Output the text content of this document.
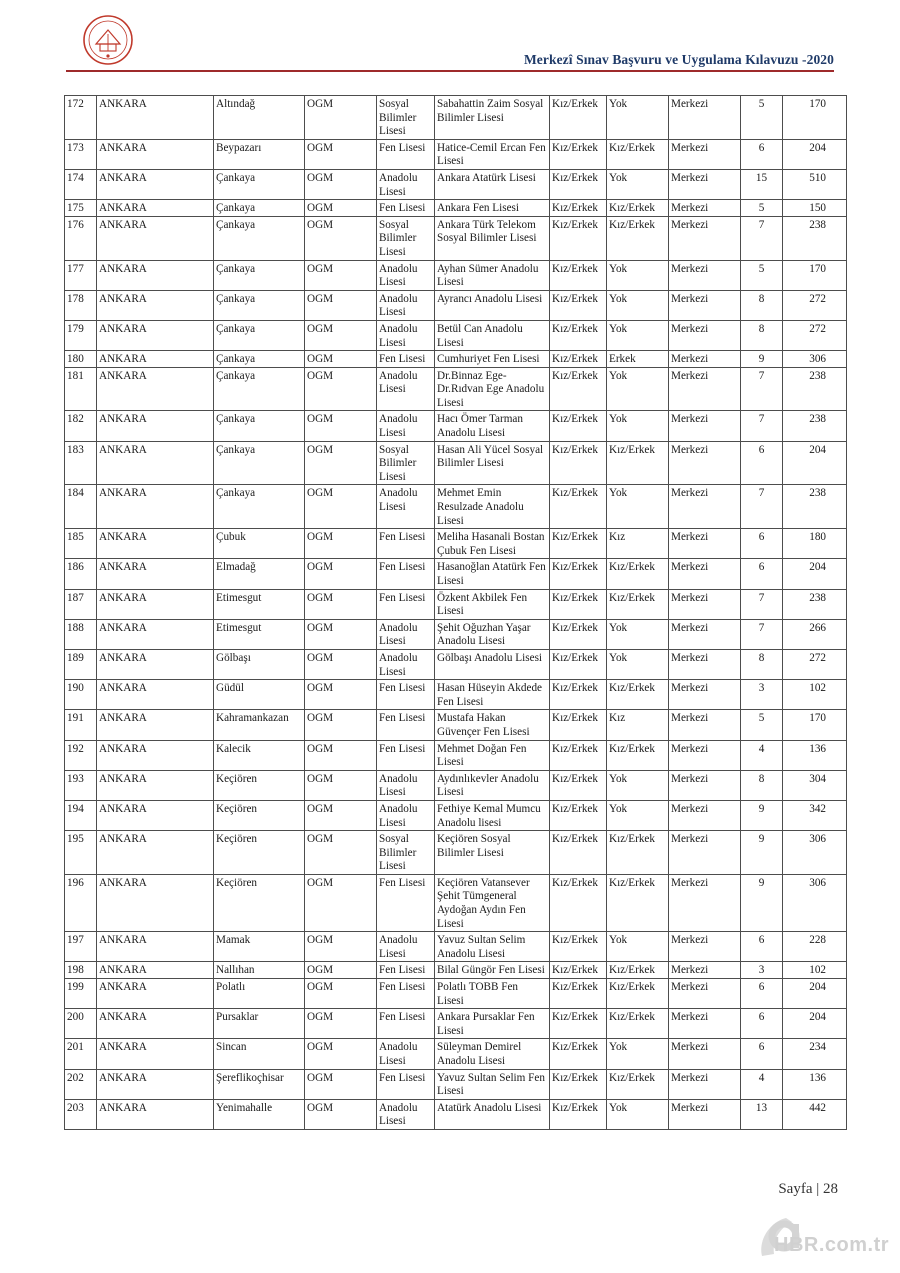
Merkezî Sınav Başvuru ve Uygulama Kılavuzu -2020
172	ANKARA	Altındağ	OGM	Sosyal Bilimler Lisesi	Sabahattin Zaim Sosyal Bilimler Lisesi	Kız/Erkek	Yok	Merkezi	5	170
173	ANKARA	Beypazarı	OGM	Fen Lisesi	Hatice-Cemil Ercan Fen Lisesi	Kız/Erkek	Kız/Erkek	Merkezi	6	204
174	ANKARA	Çankaya	OGM	Anadolu Lisesi	Ankara Atatürk Lisesi	Kız/Erkek	Yok	Merkezi	15	510
175	ANKARA	Çankaya	OGM	Fen Lisesi	Ankara Fen Lisesi	Kız/Erkek	Kız/Erkek	Merkezi	5	150
176	ANKARA	Çankaya	OGM	Sosyal Bilimler Lisesi	Ankara Türk Telekom Sosyal Bilimler Lisesi	Kız/Erkek	Kız/Erkek	Merkezi	7	238
177	ANKARA	Çankaya	OGM	Anadolu Lisesi	Ayhan Sümer Anadolu Lisesi	Kız/Erkek	Yok	Merkezi	5	170
178	ANKARA	Çankaya	OGM	Anadolu Lisesi	Ayrancı Anadolu Lisesi	Kız/Erkek	Yok	Merkezi	8	272
179	ANKARA	Çankaya	OGM	Anadolu Lisesi	Betül Can Anadolu Lisesi	Kız/Erkek	Yok	Merkezi	8	272
180	ANKARA	Çankaya	OGM	Fen Lisesi	Cumhuriyet Fen Lisesi	Kız/Erkek	Erkek	Merkezi	9	306
181	ANKARA	Çankaya	OGM	Anadolu Lisesi	Dr.Binnaz Ege-Dr.Rıdvan Ege Anadolu Lisesi	Kız/Erkek	Yok	Merkezi	7	238
182	ANKARA	Çankaya	OGM	Anadolu Lisesi	Hacı Ömer Tarman Anadolu Lisesi	Kız/Erkek	Yok	Merkezi	7	238
183	ANKARA	Çankaya	OGM	Sosyal Bilimler Lisesi	Hasan Ali Yücel Sosyal Bilimler Lisesi	Kız/Erkek	Kız/Erkek	Merkezi	6	204
184	ANKARA	Çankaya	OGM	Anadolu Lisesi	Mehmet Emin Resulzade Anadolu Lisesi	Kız/Erkek	Yok	Merkezi	7	238
185	ANKARA	Çubuk	OGM	Fen Lisesi	Meliha Hasanali Bostan Çubuk Fen Lisesi	Kız/Erkek	Kız	Merkezi	6	180
186	ANKARA	Elmadağ	OGM	Fen Lisesi	Hasanoğlan Atatürk Fen Lisesi	Kız/Erkek	Kız/Erkek	Merkezi	6	204
187	ANKARA	Etimesgut	OGM	Fen Lisesi	Özkent Akbilek Fen Lisesi	Kız/Erkek	Kız/Erkek	Merkezi	7	238
188	ANKARA	Etimesgut	OGM	Anadolu Lisesi	Şehit Oğuzhan Yaşar Anadolu Lisesi	Kız/Erkek	Yok	Merkezi	7	266
189	ANKARA	Gölbaşı	OGM	Anadolu Lisesi	Gölbaşı Anadolu Lisesi	Kız/Erkek	Yok	Merkezi	8	272
190	ANKARA	Güdül	OGM	Fen Lisesi	Hasan Hüseyin Akdede Fen Lisesi	Kız/Erkek	Kız/Erkek	Merkezi	3	102
191	ANKARA	Kahramankazan	OGM	Fen Lisesi	Mustafa Hakan Güvençer Fen Lisesi	Kız/Erkek	Kız	Merkezi	5	170
192	ANKARA	Kalecik	OGM	Fen Lisesi	Mehmet Doğan Fen Lisesi	Kız/Erkek	Kız/Erkek	Merkezi	4	136
193	ANKARA	Keçiören	OGM	Anadolu Lisesi	Aydınlıkevler Anadolu Lisesi	Kız/Erkek	Yok	Merkezi	8	304
194	ANKARA	Keçiören	OGM	Anadolu Lisesi	Fethiye Kemal Mumcu Anadolu lisesi	Kız/Erkek	Yok	Merkezi	9	342
195	ANKARA	Keçiören	OGM	Sosyal Bilimler Lisesi	Keçiören Sosyal Bilimler Lisesi	Kız/Erkek	Kız/Erkek	Merkezi	9	306
196	ANKARA	Keçiören	OGM	Fen Lisesi	Keçiören Vatansever Şehit Tümgeneral Aydoğan Aydın Fen Lisesi	Kız/Erkek	Kız/Erkek	Merkezi	9	306
197	ANKARA	Mamak	OGM	Anadolu Lisesi	Yavuz Sultan Selim Anadolu Lisesi	Kız/Erkek	Yok	Merkezi	6	228
198	ANKARA	Nallıhan	OGM	Fen Lisesi	Bilal Güngör Fen Lisesi	Kız/Erkek	Kız/Erkek	Merkezi	3	102
199	ANKARA	Polatlı	OGM	Fen Lisesi	Polatlı TOBB Fen Lisesi	Kız/Erkek	Kız/Erkek	Merkezi	6	204
200	ANKARA	Pursaklar	OGM	Fen Lisesi	Ankara Pursaklar Fen Lisesi	Kız/Erkek	Kız/Erkek	Merkezi	6	204
201	ANKARA	Sincan	OGM	Anadolu Lisesi	Süleyman Demirel Anadolu Lisesi	Kız/Erkek	Yok	Merkezi	6	234
202	ANKARA	Şereflikoçhisar	OGM	Fen Lisesi	Yavuz Sultan Selim Fen Lisesi	Kız/Erkek	Kız/Erkek	Merkezi	4	136
203	ANKARA	Yenimahalle	OGM	Anadolu Lisesi	Atatürk Anadolu Lisesi	Kız/Erkek	Yok	Merkezi	13	442
Sayfa | 28
HBR.com.tr
